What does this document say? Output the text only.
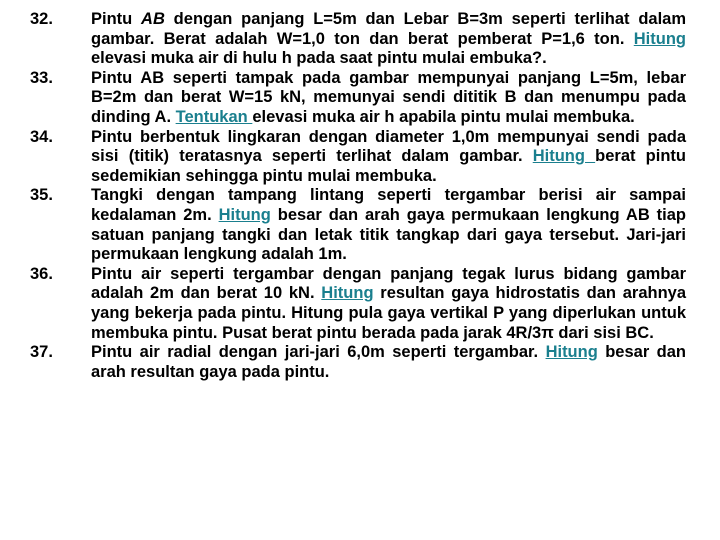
32.	Pintu AB dengan panjang L=5m dan Lebar B=3m seperti terlihat dalam gambar. Berat adalah W=1,0 ton dan berat pemberat P=1,6 ton. Hitung elevasi muka air di hulu h pada saat pintu mulai embuka?.
33.	Pintu AB seperti tampak pada gambar mempunyai panjang L=5m, lebar B=2m dan berat W=15 kN, memunyai sendi dititik B dan menumpu pada dinding A. Tentukan elevasi muka air h apabila pintu mulai membuka.
34.	Pintu berbentuk lingkaran dengan diameter 1,0m mempunyai sendi pada sisi (titik) teratasnya seperti terlihat dalam gambar. Hitung berat pintu sedemikian sehingga pintu mulai membuka.
35.	Tangki dengan tampang lintang seperti tergambar berisi air sampai kedalaman 2m. Hitung besar dan arah gaya permukaan lengkung AB tiap satuan panjang tangki dan letak titik tangkap dari gaya tersebut. Jari-jari permukaan lengkung adalah 1m.
36.	Pintu air seperti tergambar dengan panjang tegak lurus bidang gambar adalah 2m dan berat 10 kN. Hitung resultan gaya hidrostatis dan arahnya yang bekerja pada pintu. Hitung pula gaya vertikal P yang diperlukan untuk membuka pintu. Pusat berat pintu berada pada jarak 4R/3π dari sisi BC.
37.	Pintu air radial dengan jari-jari 6,0m seperti tergambar. Hitung besar dan arah resultan gaya pada pintu.
